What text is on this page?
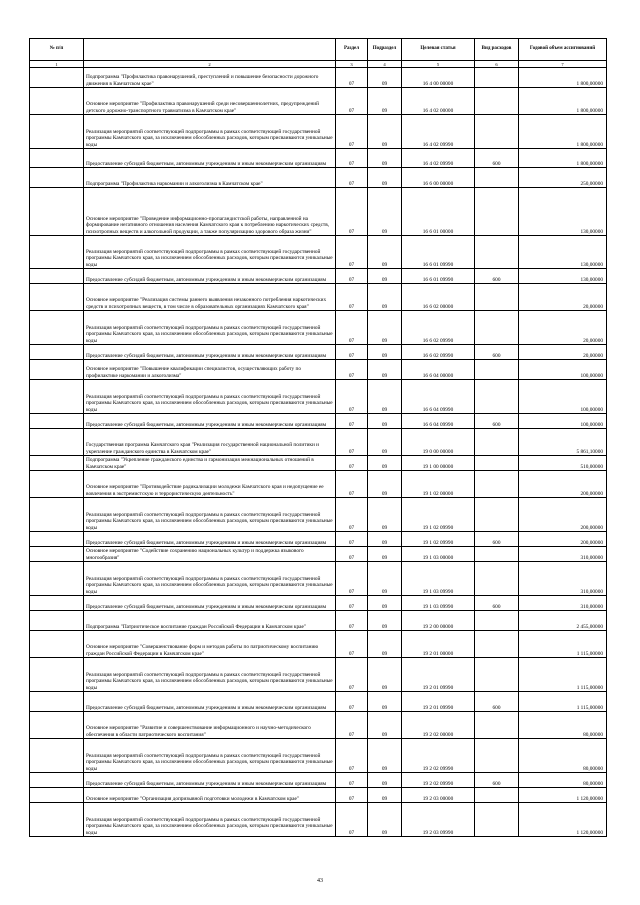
№ п/п		Раздел	Подраздел	Целевая статья	Вид расходов	Годовой объем ассигнований
1	2	3	4	5	6	7
	Подпрограмма "Профилактика правонарушений, преступлений и повышение безопасности дорожного движения в Камчатском крае"	07	09	16 4 00 00000		1 800,00000
	Основное мероприятие "Профилактика правонарушений среди несовершеннолетних, предупреждений детского дорожно-транспортного травматизма в Камчатском крае"	07	09	16 4 02 00000		1 800,00000
	Реализация мероприятий соответствующей подпрограммы в рамках соответствующей государственной программы Камчатского края, за исключением обособленных расходов, которым присваиваются уникальные коды	07	09	16 4 02 09990		1 800,00000
	Предоставление субсидий бюджетным, автономным учреждениям и иным некоммерческим организациям	07	09	16 4 02 09990	600	1 800,00000
	Подпрограмма "Профилактика наркомании и алкоголизма в Камчатском крае"	07	09	16 6 00 00000		250,00000
	Основное мероприятие "Проведение информационно-пропагандистской работы, направленной на формирование негативного отношения населения Камчатского края к потреблению наркотических средств, психотропных веществ и алкогольной продукции, а также популяризацию здорового образа жизни"	07	09	16 6 01 00000		130,00000
	Реализация мероприятий соответствующей подпрограммы в рамках соответствующей государственной программы Камчатского края, за исключением обособленных расходов, которым присваиваются уникальные коды	07	09	16 6 01 09990		130,00000
	Предоставление субсидий бюджетным, автономным учреждениям и иным некоммерческим организациям	07	09	16 6 01 09990	600	130,00000
	Основное мероприятие "Реализация системы раннего выявления незаконного потребления наркотических средств и психотропных веществ, в том числе в образовательных организациях Камчатского края"	07	09	16 6 02 00000		20,00000
	Реализация мероприятий соответствующей подпрограммы в рамках соответствующей государственной программы Камчатского края, за исключением обособленных расходов, которым присваиваются уникальные коды	07	09	16 6 02 09990		20,00000
	Предоставление субсидий бюджетным, автономным учреждениям и иным некоммерческим организациям	07	09	16 6 02 09990	600	20,00000
	Основное мероприятие "Повышение квалификации специалистов, осуществляющих работу по профилактике наркомании и алкоголизма"	07	09	16 6 04 00000		100,00000
	Реализация мероприятий соответствующей подпрограммы в рамках соответствующей государственной программы Камчатского края, за исключением обособленных расходов, которым присваиваются уникальные коды	07	09	16 6 04 09990		100,00000
	Предоставление субсидий бюджетным, автономным учреждениям и иным некоммерческим организациям	07	09	16 6 04 09990	600	100,00000
	Государственная программа Камчатского края "Реализация государственной национальной политики и укрепление гражданского единства в Камчатском крае"	07	09	19 0 00 00000		5 861,10000
	Подпрограмма "Укрепление гражданского единства и гармонизация межнациональных отношений в Камчатском крае"	07	09	19 1 00 00000		510,00000
	Основное мероприятие "Противодействие радикализации молодежи Камчатского края и недопущение ее вовлечения в экстремистскую и террористическую деятельность"	07	09	19 1 02 00000		200,00000
	Реализация мероприятий соответствующей подпрограммы в рамках соответствующей государственной программы Камчатского края, за исключением обособленных расходов, которым присваиваются уникальные коды	07	09	19 1 02 09990		200,00000
	Предоставление субсидий бюджетным, автономным учреждениям и иным некоммерческим организациям	07	09	19 1 02 09990	600	200,00000
	Основное мероприятие "Содействие сохранению национальных культур и поддержка языкового многообразия"	07	09	19 1 03 00000		310,00000
	Реализация мероприятий соответствующей подпрограммы в рамках соответствующей государственной программы Камчатского края, за исключением обособленных расходов, которым присваиваются уникальные коды	07	09	19 1 03 09990		310,00000
	Предоставление субсидий бюджетным, автономным учреждениям и иным некоммерческим организациям	07	09	19 1 03 09990	600	310,00000
	Подпрограмма "Патриотическое воспитание граждан Российской Федерации в Камчатском крае"	07	09	19 2 00 00000		2 455,00000
	Основное мероприятие "Совершенствование форм и методов работы по патриотическому воспитанию граждан Российской Федерации в Камчатском крае"	07	09	19 2 01 00000		1 115,00000
	Реализация мероприятий соответствующей подпрограммы в рамках соответствующей государственной программы Камчатского края, за исключением обособленных расходов, которым присваиваются уникальные коды	07	09	19 2 01 09990		1 115,00000
	Предоставление субсидий бюджетным, автономным учреждениям и иным некоммерческим организациям	07	09	19 2 01 09990	600	1 115,00000
	Основное мероприятие "Развитие и совершенствование информационного и научно-методического обеспечения в области патриотического воспитания"	07	09	19 2 02 00000		80,00000
	Реализация мероприятий соответствующей подпрограммы в рамках соответствующей государственной программы Камчатского края, за исключением обособленных расходов, которым присваиваются уникальные коды	07	09	19 2 02 09990		80,00000
	Предоставление субсидий бюджетным, автономным учреждениям и иным некоммерческим организациям	07	09	19 2 02 09990	600	80,00000
	Основное мероприятие "Организация допризывной подготовки молодежи в Камчатском крае"	07	09	19 2 03 00000		1 120,00000
	Реализация мероприятий соответствующей подпрограммы в рамках соответствующей государственной программы Камчатского края, за исключением обособленных расходов, которым присваиваются уникальные коды	07	09	19 2 03 09990		1 120,00000
43
